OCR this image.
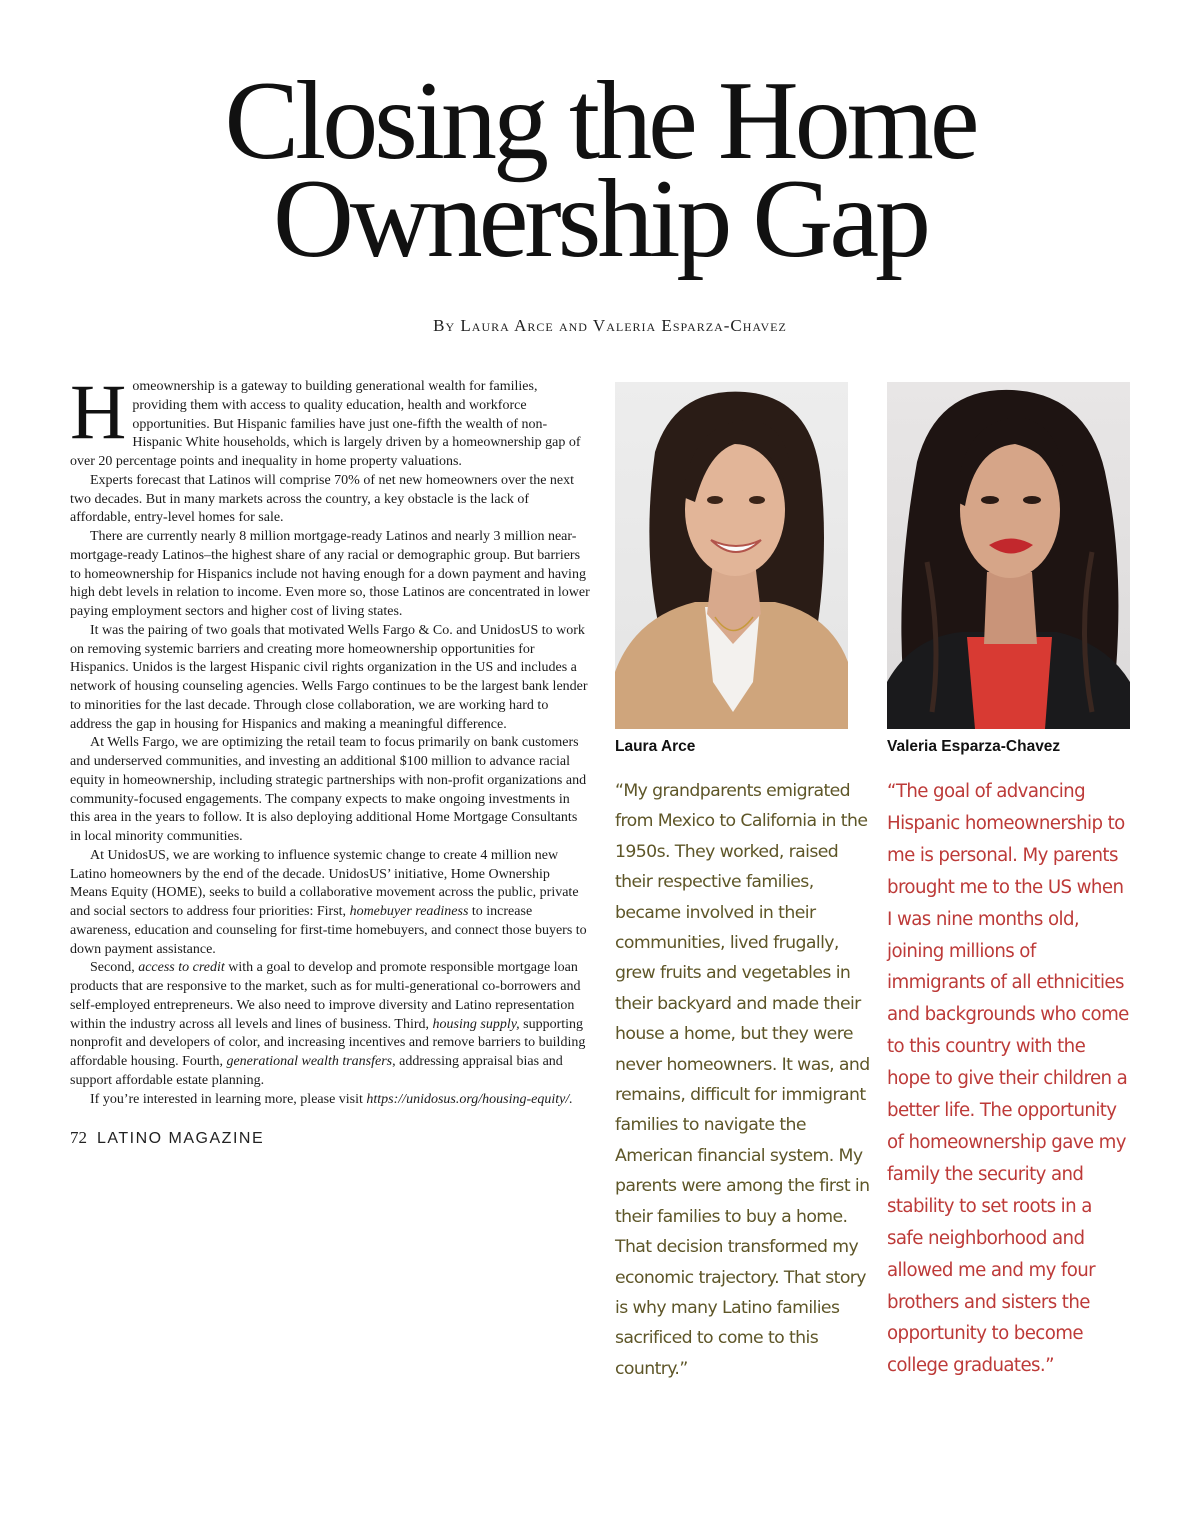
Closing the Home
Ownership Gap
By Laura Arce and Valeria Esparza-Chavez

Homeownership is a gateway to building generational wealth for families, providing them with access to quality education, health and workforce opportunities. But Hispanic families have just one-fifth the wealth of non-Hispanic White households, which is largely driven by a homeownership gap of over 20 percentage points and inequality in home property valuations.

Experts forecast that Latinos will comprise 70% of net new homeowners over the next two decades. But in many markets across the country, a key obstacle is the lack of affordable, entry-level homes for sale.

There are currently nearly 8 million mortgage-ready Latinos and nearly 3 million near-mortgage-ready Latinos–the highest share of any racial or demographic group. But barriers to homeownership for Hispanics include not having enough for a down payment and having high debt levels in relation to income. Even more so, those Latinos are concentrated in lower paying employment sectors and higher cost of living states.

It was the pairing of two goals that motivated Wells Fargo & Co. and UnidosUS to work on removing systemic barriers and creating more homeownership opportunities for Hispanics. Unidos is the largest Hispanic civil rights organization in the US and includes a network of housing counseling agencies. Wells Fargo continues to be the largest bank lender to minorities for the last decade. Through close collaboration, we are working hard to address the gap in housing for Hispanics and making a meaningful difference.

At Wells Fargo, we are optimizing the retail team to focus primarily on bank customers and underserved communities, and investing an additional $100 million to advance racial equity in homeownership, including strategic partnerships with non-profit organizations and community-focused engagements. The company expects to make ongoing investments in this area in the years to follow. It is also deploying additional Home Mortgage Consultants in local minority communities.

At UnidosUS, we are working to influence systemic change to create 4 million new Latino homeowners by the end of the decade. UnidosUS’ initiative, Home Ownership Means Equity (HOME), seeks to build a collaborative movement across the public, private and social sectors to address four priorities: First, homebuyer readiness to increase awareness, education and counseling for first-time homebuyers, and connect those buyers to down payment assistance.

Second, access to credit with a goal to develop and promote responsible mortgage loan products that are responsive to the market, such as for multi-generational co-borrowers and self-employed entrepreneurs. We also need to improve diversity and Latino representation within the industry across all levels and lines of business. Third, housing supply, supporting nonprofit and developers of color, and increasing incentives and remove barriers to building affordable housing. Fourth, generational wealth transfers, addressing appraisal bias and support affordable estate planning.

If you’re interested in learning more, please visit https://unidosus.org/housing-equity/.

Laura Arce	Valeria Esparza-Chavez
“My grandparents emigrated from Mexico to California in the 1950s. They worked, raised their respective families, became involved in their communities, lived frugally, grew fruits and vegetables in their backyard and made their house a home, but they were never homeowners. It was, and remains, difficult for immigrant families to navigate the American financial system. My parents were among the first in their families to buy a home. That decision transformed my economic trajectory. That story is why many Latino families sacrificed to come to this country.”
“The goal of advancing Hispanic homeownership to me is personal. My parents brought me to the US when I was nine months old, joining millions of immigrants of all ethnicities and backgrounds who come to this country with the hope to give their children a better life. The opportunity of homeownership gave my family the security and stability to set roots in a safe neighborhood and allowed me and my four brothers and sisters the opportunity to become college graduates.”
72 LATINO MAGAZINE
